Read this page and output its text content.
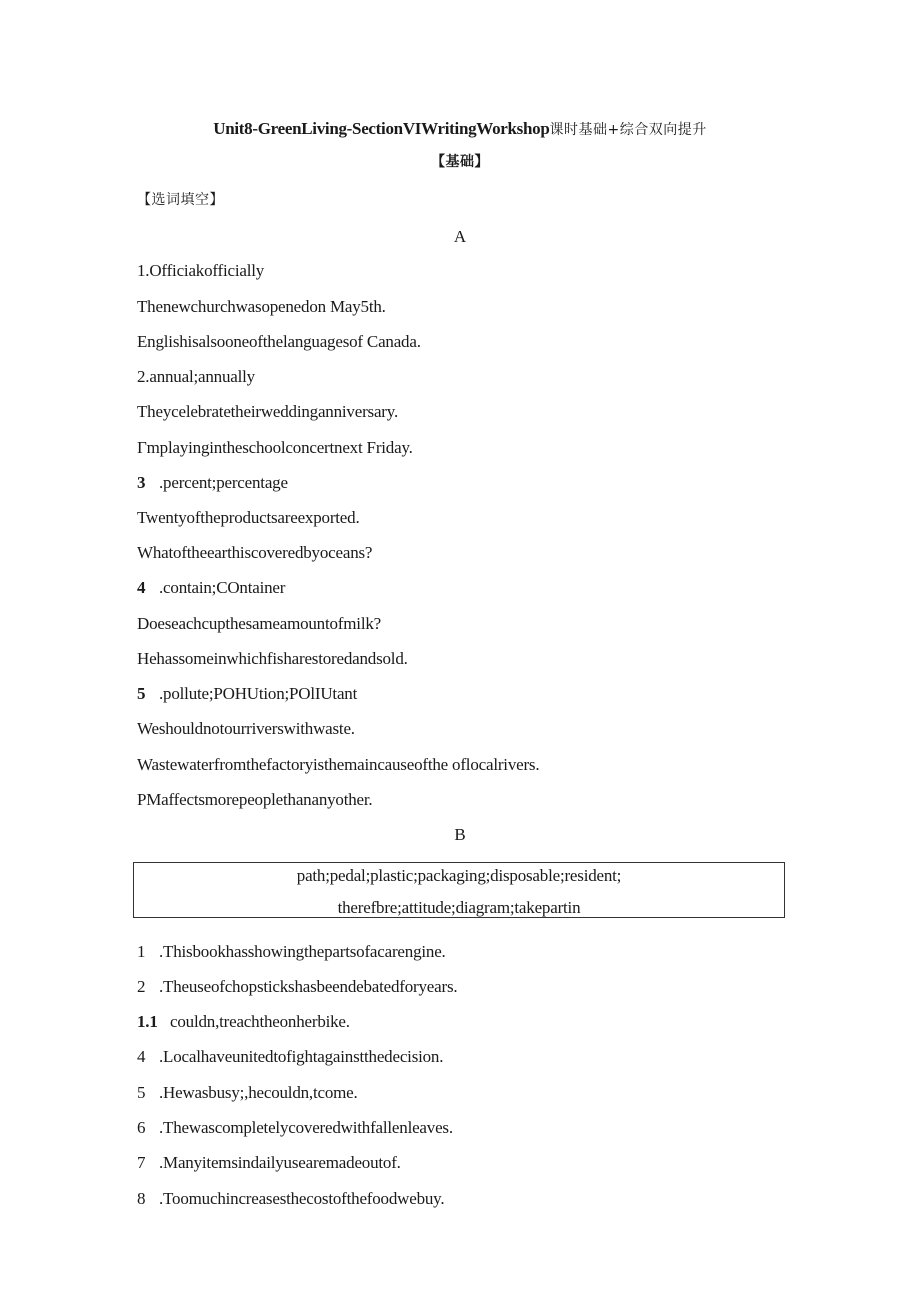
Unit8-GreenLiving-SectionVIWritingWorkshop课时基础+综合双向提升
【基础】
【选词填空】
A
1.Officiakofficially
Thenewchurchwasopenedon May5th.
Englishisalsooneofthelanguagesof Canada.
2.annual;annually
Theycelebratetheirweddinganniversary.
Γmplayingintheschoolconcertnext Friday.
3 .percent;percentage
Twentyoftheproductsareexported.
Whatoftheearthiscoveredbyoceans?
4 .contain;COntainer
Doeseachcupthesameamountofmilk?
Hehassomeinwhichfisharestoredandsold.
5 .pollute;POHUtion;POlIUtant
Weshouldnotourriverswithwaste.
Wastewaterfromthefactoryisthemaincauseofthe oflocalrivers.
PMaffectsmorepeoplethananyother.
B
path;pedal;plastic;packaging;disposable;resident;
therefbre;attitude;diagram;takepartin
1 .Thisbookhasshowingthepartsofacarengine.
2 .Theuseofchopstickshasbeendebatedforyears.
1.1 couldn,treachtheonherbike.
4 .Localhaveunitedtofightagainstthedecision.
5 .Hewasbusy;,hecouldn,tcome.
6 .Thewascompletelycoveredwithfallenleaves.
7 .Manyitemsindailyusearemadeoutof.
8 .Toomuchincreasesthecostofthefoodwebuy.
